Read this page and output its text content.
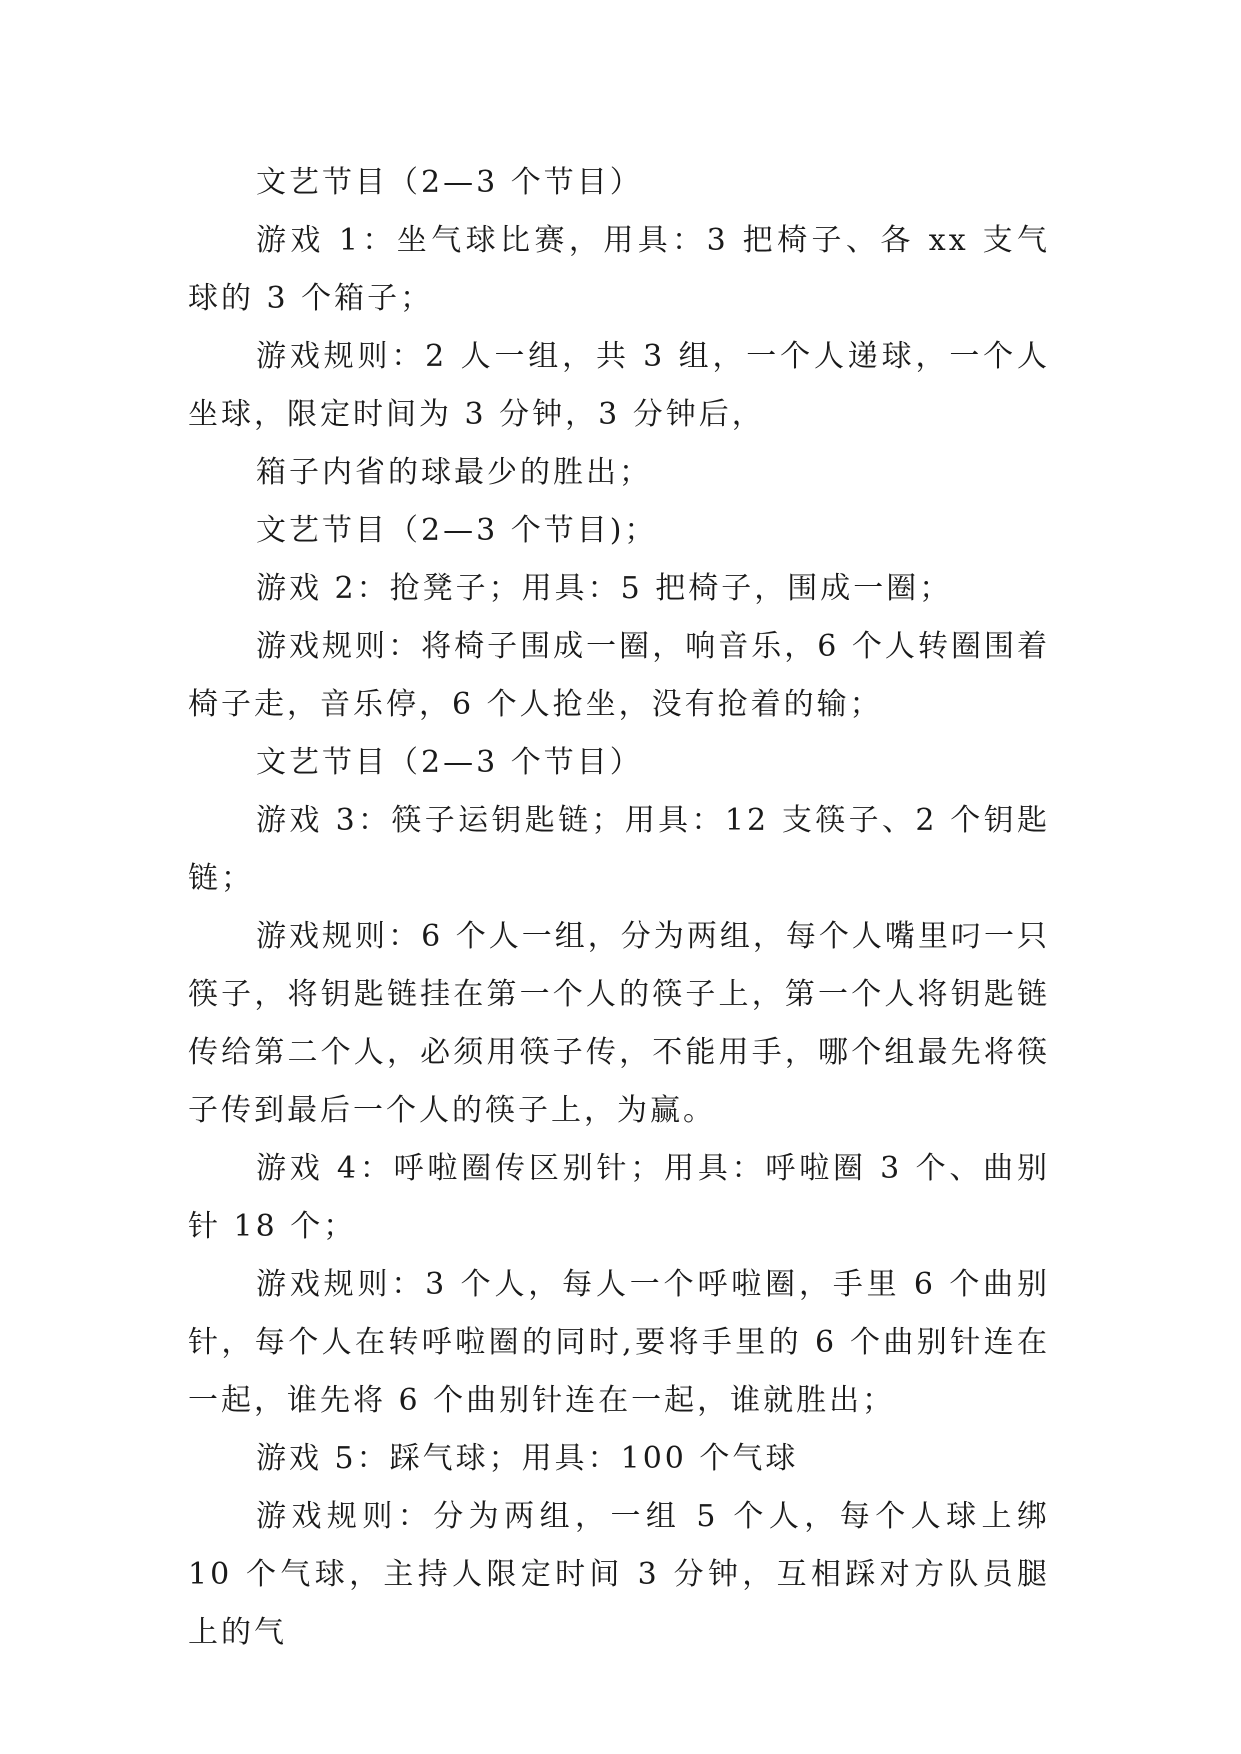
文艺节目（2—3 个节目）

游戏 1：坐气球比赛，用具：3 把椅子、各 xx 支气球的 3 个箱子；

游戏规则：2 人一组，共 3 组，一个人递球，一个人坐球，限定时间为 3 分钟，3 分钟后，

箱子内省的球最少的胜出；

文艺节目（2—3 个节目)；

游戏 2：抢凳子；用具：5 把椅子，围成一圈；

游戏规则：将椅子围成一圈，响音乐，6 个人转圈围着椅子走，音乐停，6 个人抢坐，没有抢着的输；

文艺节目（2—3 个节目）

游戏 3：筷子运钥匙链；用具：12 支筷子、2 个钥匙链；

游戏规则：6 个人一组，分为两组，每个人嘴里叼一只筷子，将钥匙链挂在第一个人的筷子上，第一个人将钥匙链传给第二个人，必须用筷子传，不能用手，哪个组最先将筷子传到最后一个人的筷子上，为赢。

游戏 4：呼啦圈传区别针；用具：呼啦圈 3 个、曲别针 18 个；

游戏规则：3 个人，每人一个呼啦圈，手里 6 个曲别针，每个人在转呼啦圈的同时,要将手里的 6 个曲别针连在一起，谁先将 6 个曲别针连在一起，谁就胜出；

游戏 5：踩气球；用具：100 个气球

游戏规则：分为两组，一组 5 个人，每个人球上绑 10 个气球，主持人限定时间 3 分钟，互相踩对方队员腿上的气
